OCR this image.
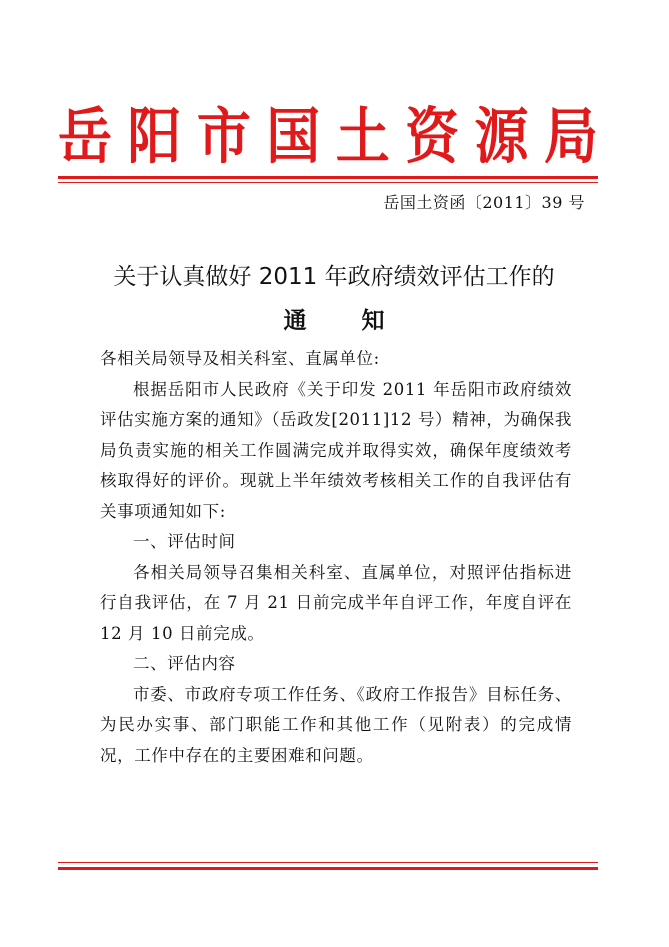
岳 阳 市 国 土 资 源 局
岳国土资函〔2011〕39 号
关于认真做好 2011 年政府绩效评估工作的
通 知

各相关局领导及相关科室、直属单位:

根据岳阳市人民政府《关于印发 2011 年岳阳市政府绩效评估实施方案的通知》（岳政发[2011]12 号）精神，为确保我局负责实施的相关工作圆满完成并取得实效，确保年度绩效考核取得好的评价。现就上半年绩效考核相关工作的自我评估有关事项通知如下:

一、评估时间

各相关局领导召集相关科室、直属单位，对照评估指标进行自我评估，在 7 月 21 日前完成半年自评工作，年度自评在 12 月 10 日前完成。

二、评估内容

市委、市政府专项工作任务、《政府工作报告》目标任务、为民办实事、部门职能工作和其他工作（见附表）的完成情况，工作中存在的主要困难和问题。
